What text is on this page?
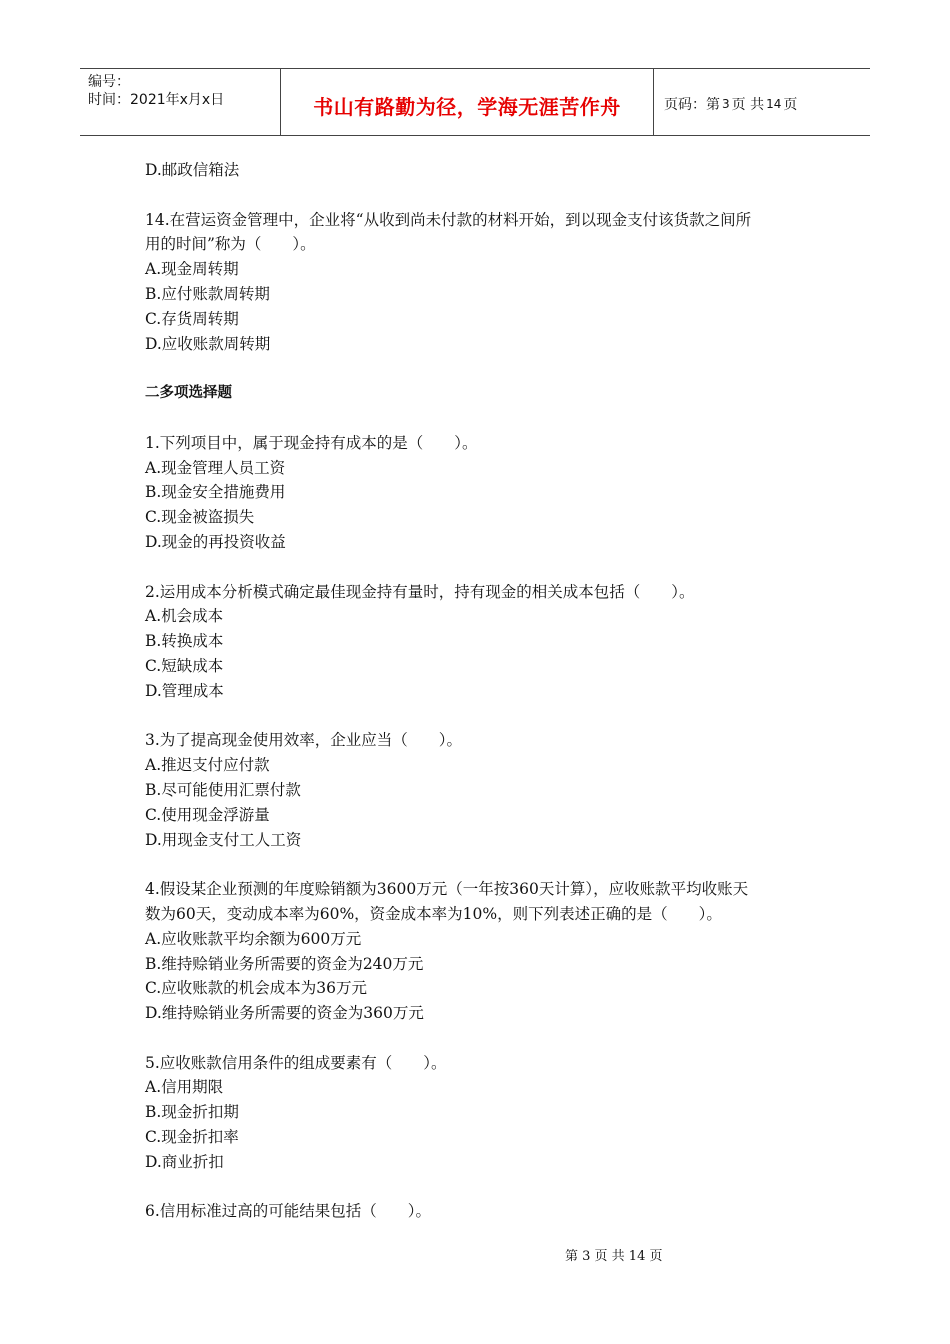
编号：
时间：2021年x月x日	书山有路勤为径，学海无涯苦作舟	页码：第 3 页 共 14 页
D.邮政信箱法
14.在营运资金管理中，企业将“从收到尚未付款的材料开始，到以现金支付该货款之间所
用的时间”称为（　　）。
A.现金周转期
B.应付账款周转期
C.存货周转期
D.应收账款周转期
二多项选择题
1.下列项目中，属于现金持有成本的是（　　）。
A.现金管理人员工资
B.现金安全措施费用
C.现金被盗损失
D.现金的再投资收益
2.运用成本分析模式确定最佳现金持有量时，持有现金的相关成本包括（　　）。
A.机会成本
B.转换成本
C.短缺成本
D.管理成本
3.为了提高现金使用效率，企业应当（　　）。
A.推迟支付应付款
B.尽可能使用汇票付款
C.使用现金浮游量
D.用现金支付工人工资
4.假设某企业预测的年度赊销额为3600万元（一年按360天计算），应收账款平均收账天
数为60天，变动成本率为60%，资金成本率为10%，则下列表述正确的是（　　）。
A.应收账款平均余额为600万元
B.维持赊销业务所需要的资金为240万元
C.应收账款的机会成本为36万元
D.维持赊销业务所需要的资金为360万元
5.应收账款信用条件的组成要素有（　　）。
A.信用期限
B.现金折扣期
C.现金折扣率
D.商业折扣
6.信用标准过高的可能结果包括（　　）。
第 3 页 共 14 页
